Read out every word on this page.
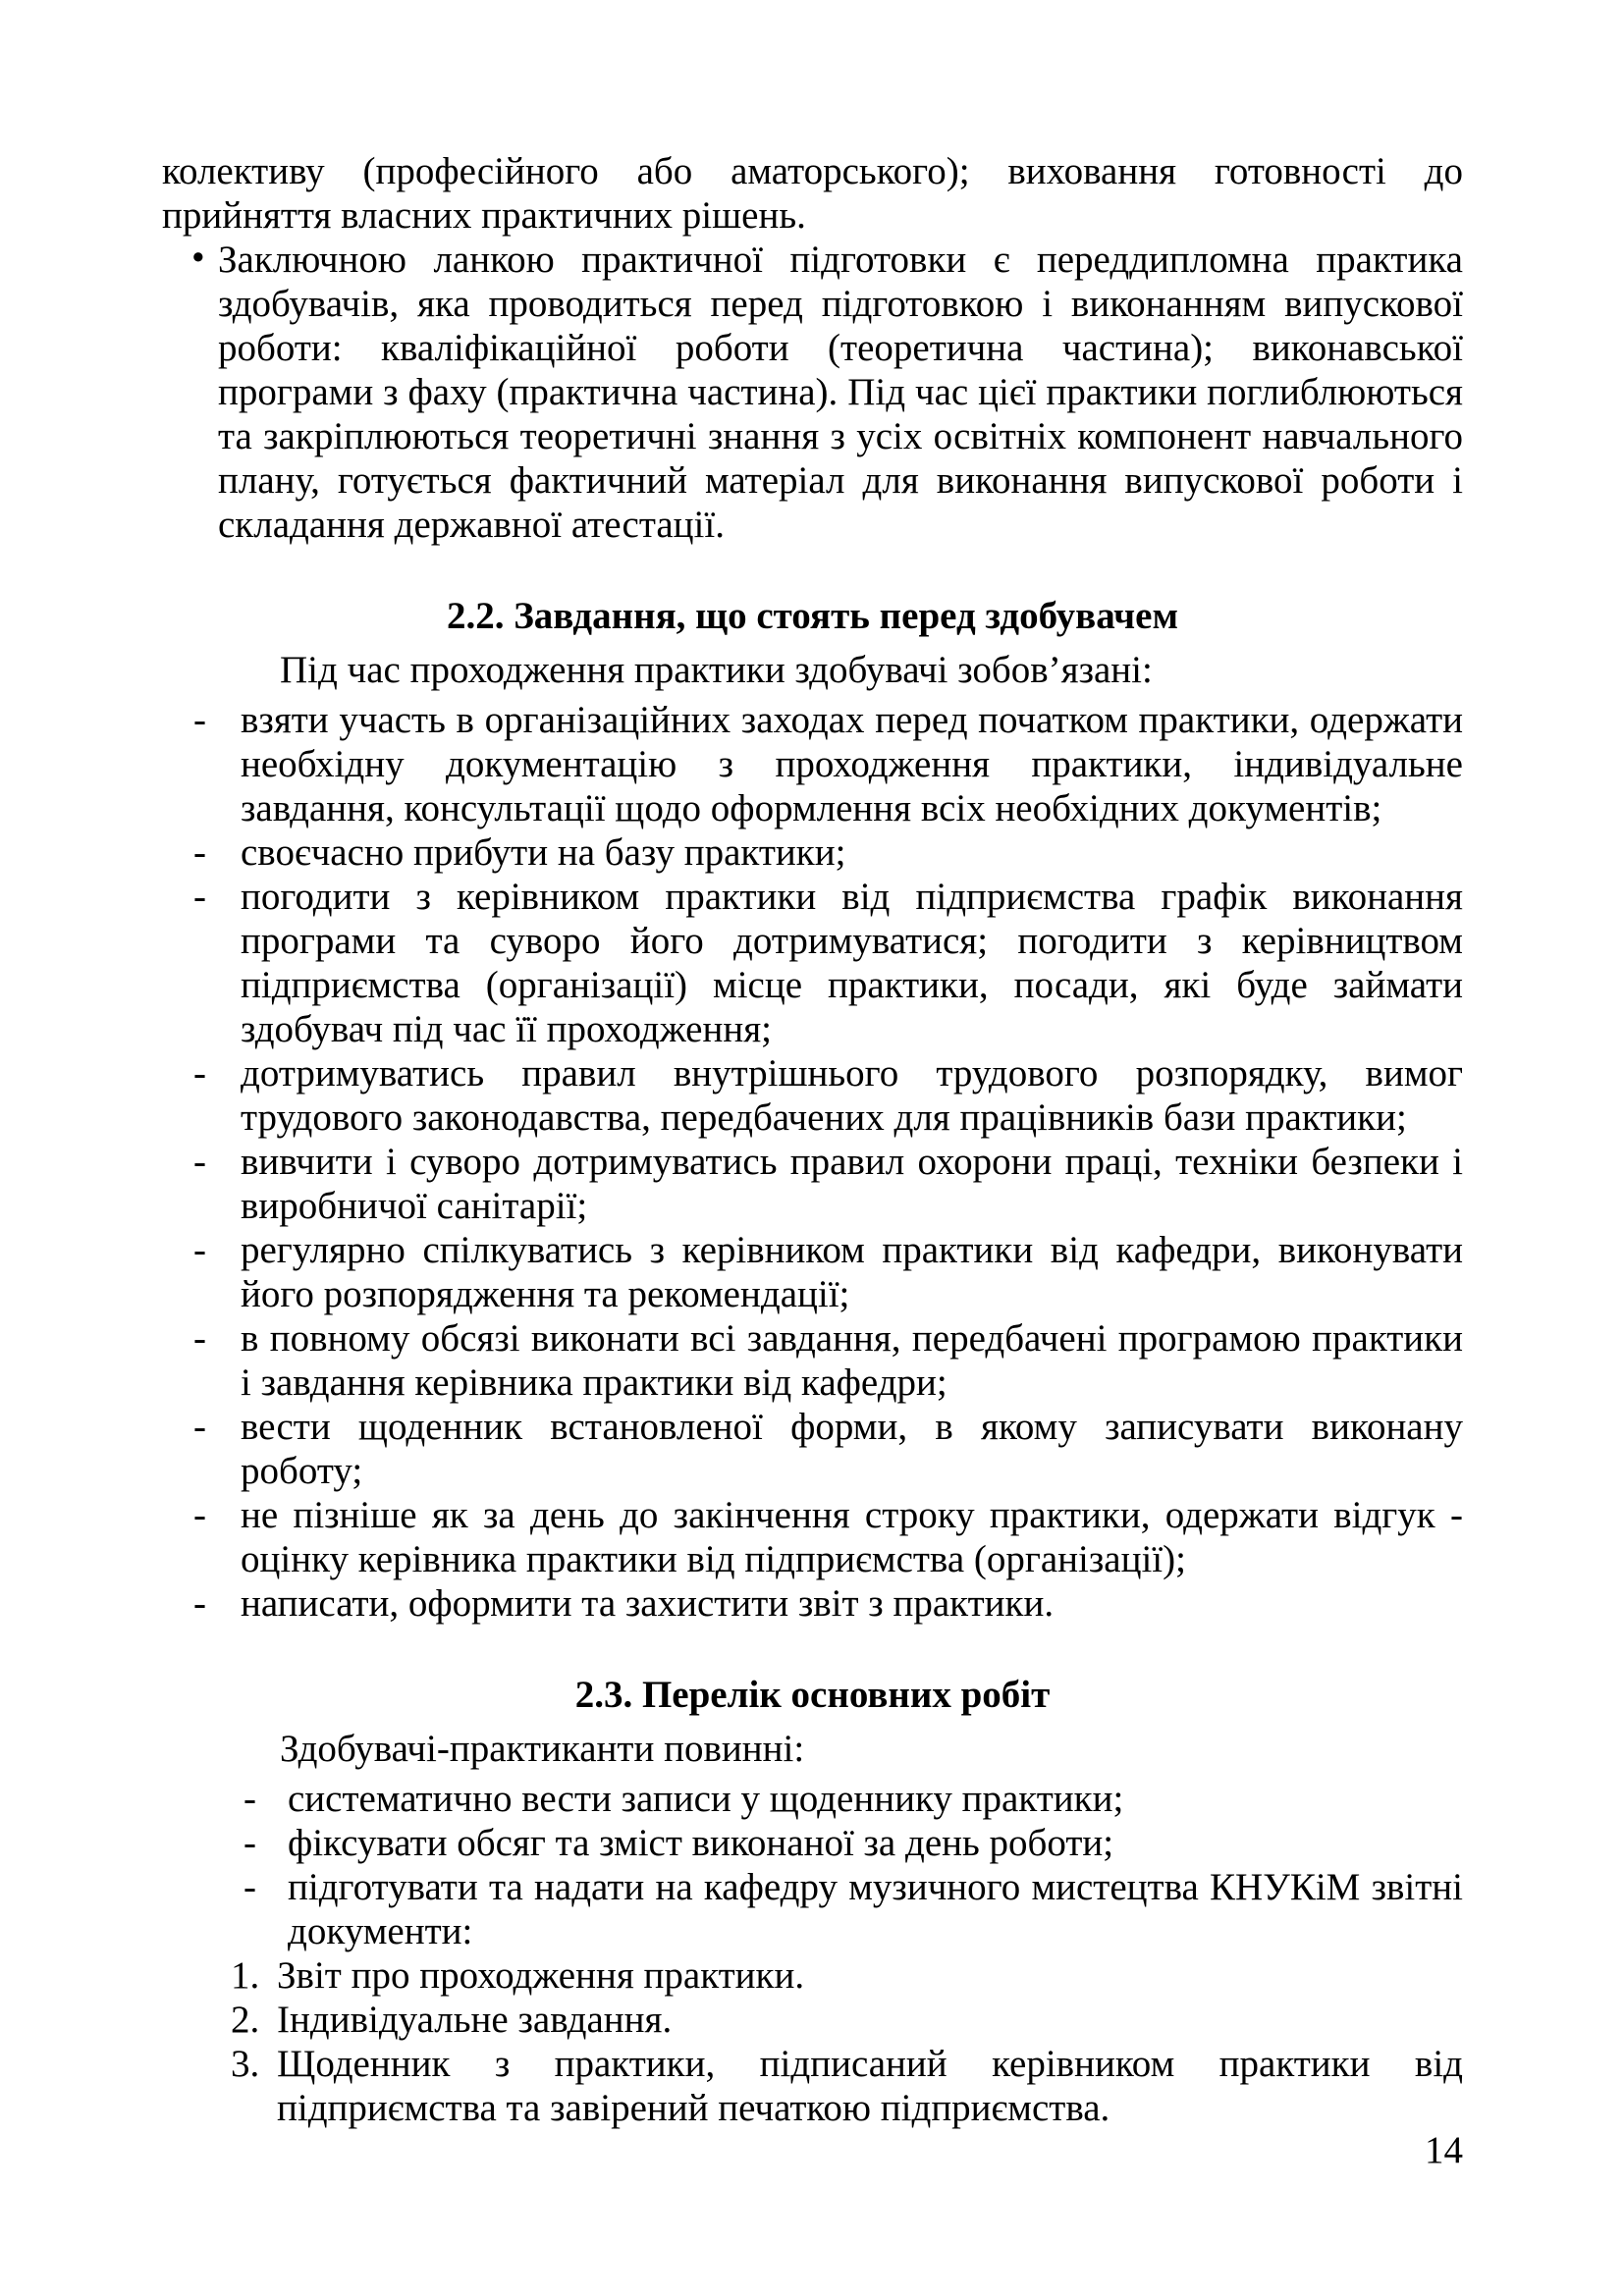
колективу (професійного або аматорського); виховання готовності до прийняття власних практичних рішень.

• Заключною ланкою практичної підготовки є переддипломна практика здобувачів, яка проводиться перед підготовкою і виконанням випускової роботи: кваліфікаційної роботи (теоретична частина); виконавської програми з фаху (практична частина). Під час цієї практики поглиблюються та закріплюються теоретичні знання з усіх освітніх компонент навчального плану, готується фактичний матеріал для виконання випускової роботи і складання державної атестації.
2.2. Завдання, що стоять перед здобувачем

Під час проходження практики здобувачі зобов’язані:

- взяти участь в організаційних заходах перед початком практики, одержати необхідну документацію з проходження практики, індивідуальне завдання, консультації щодо оформлення всіх необхідних документів;
- своєчасно прибути на базу практики;
- погодити з керівником практики від підприємства графік виконання програми та суворо його дотримуватися; погодити з керівництвом підприємства (організації) місце практики, посади, які буде займати здобувач під час її проходження;
- дотримуватись правил внутрішнього трудового розпорядку, вимог трудового законодавства, передбачених для працівників бази практики;
- вивчити і суворо дотримуватись правил охорони праці, техніки безпеки і виробничої санітарії;
- регулярно спілкуватись з керівником практики від кафедри, виконувати його розпорядження та рекомендації;
- в повному обсязі виконати всі завдання, передбачені програмою практики і завдання керівника практики від кафедри;
- вести щоденник встановленої форми, в якому записувати виконану роботу;
- не пізніше як за день до закінчення строку практики, одержати відгук - оцінку керівника практики від підприємства (організації);
- написати, оформити та захистити звіт з практики.
2.3. Перелік основних робіт

Здобувачі-практиканти повинні:

- систематично вести записи у щоденнику практики;
- фіксувати обсяг та зміст виконаної за день роботи;
- підготувати та надати на кафедру музичного мистецтва КНУКіМ звітні документи:
1. Звіт про проходження практики.
2. Індивідуальне завдання.
3. Щоденник з практики, підписаний керівником практики від підприємства та завірений печаткою підприємства.
14
